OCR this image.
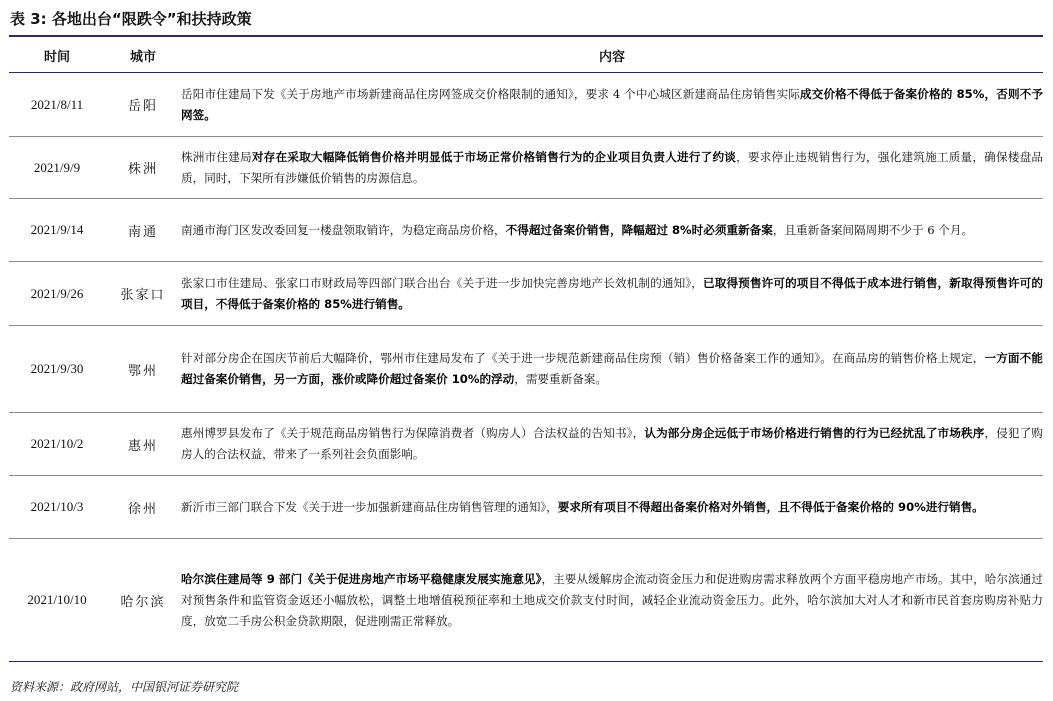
表 3: 各地出台“限跌令”和扶持政策
时间	城市	内容
2021/8/11	岳阳	岳阳市住建局下发《关于房地产市场新建商品住房网签成交价格限制的通知》，要求 4 个中心城区新建商品住房销售实际成交价格不得低于备案价格的 85%，否则不予网签。

2021/9/9	株洲	株洲市住建局对存在采取大幅降低销售价格并明显低于市场正常价格销售行为的企业项目负责人进行了约谈，要求停止违规销售行为，强化建筑施工质量，确保楼盘品质，同时，下架所有涉嫌低价销售的房源信息。

2021/9/14	南通	南通市海门区发改委回复一楼盘领取销许，为稳定商品房价格，不得超过备案价销售，降幅超过 8%时必须重新备案，且重新备案间隔周期不少于 6 个月。

2021/9/26	张家口	张家口市住建局、张家口市财政局等四部门联合出台《关于进一步加快完善房地产长效机制的通知》，已取得预售许可的项目不得低于成本进行销售，新取得预售许可的项目，不得低于备案价格的 85%进行销售。

2021/9/30	鄂州	针对部分房企在国庆节前后大幅降价，鄂州市住建局发布了《关于进一步规范新建商品住房预（销）售价格备案工作的通知》。在商品房的销售价格上规定，一方面不能超过备案价销售，另一方面，涨价或降价超过备案价 10%的浮动，需要重新备案。

2021/10/2	惠州	惠州博罗县发布了《关于规范商品房销售行为保障消费者（购房人）合法权益的告知书》，认为部分房企远低于市场价格进行销售的行为已经扰乱了市场秩序，侵犯了购房人的合法权益，带来了一系列社会负面影响。

2021/10/3	徐州	新沂市三部门联合下发《关于进一步加强新建商品住房销售管理的通知》，要求所有项目不得超出备案价格对外销售，且不得低于备案价格的 90%进行销售。

2021/10/10	哈尔滨	哈尔滨住建局等 9 部门《关于促进房地产市场平稳健康发展实施意见》，主要从缓解房企流动资金压力和促进购房需求释放两个方面平稳房地产市场。其中，哈尔滨通过对预售条件和监管资金返还小幅放松，调整土地增值税预征率和土地成交价款支付时间，减轻企业流动资金压力。此外，哈尔滨加大对人才和新市民首套房购房补贴力度，放宽二手房公积金贷款期限，促进刚需正常释放。
资料来源：政府网站，中国银河证券研究院
